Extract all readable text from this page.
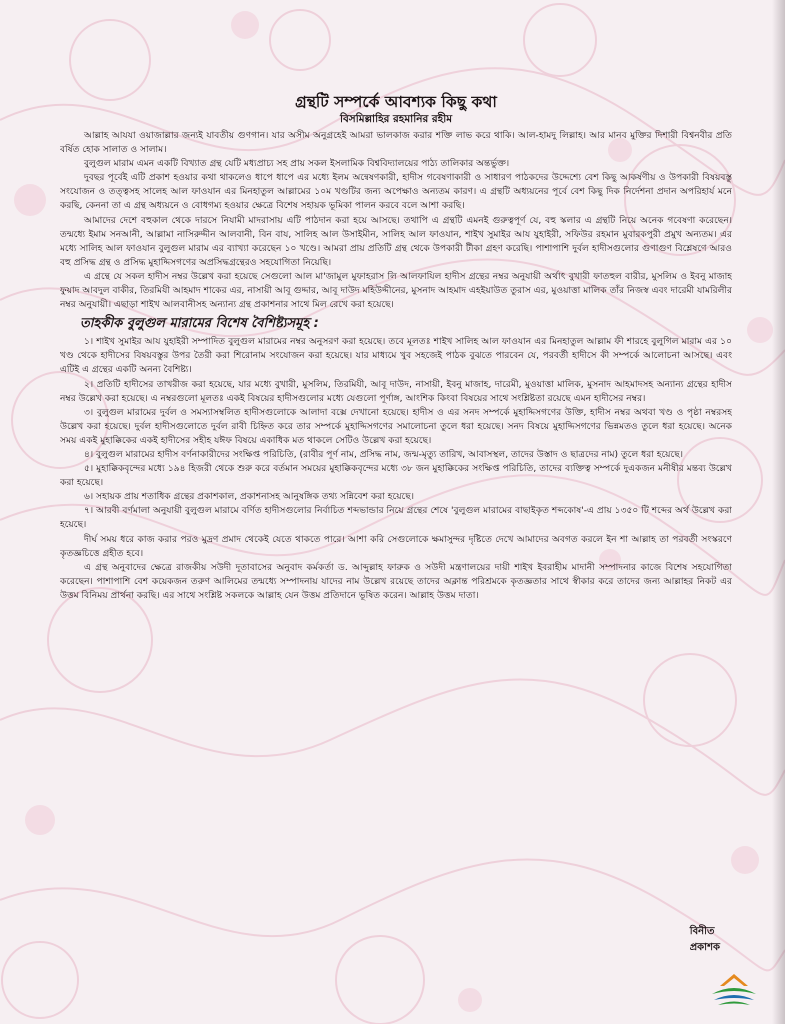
গ্রন্থটি সম্পর্কে আবশ্যক কিছু কথা
বিসমিল্লাহির রহমানির রহীম

আল্লাহ আযযা ওয়াজাল্লার জন্যই যাবতীয় গুণগান। যার অসীম অনুগ্রহেই আমরা ভালকাজ করার শক্তি লাভ করে থাকি। আল-হামদু লিল্লাহ। আর মানব মুক্তির দিশারী বিশ্বনবীর প্রতি বর্ষিত হোক সালাত ও সালাম।

বুলুগুল মারাম এমন একটি বিখ্যাত গ্রন্থ যেটি মধ্যপ্রাচ্য সহ প্রায় সকল ইসলামিক বিশ্ববিদ্যালয়ের পাঠ্য তালিকার অন্তর্ভুক্ত।

দুবছর পূর্বেই এটি প্রকাশ হওয়ার কথা থাকলেও ধাপে ধাপে এর মধ্যে ইলম অন্বেষণকারী, হাদীস গবেষণাকারী ও সাধারণ পাঠকদের উদ্দেশ্যে বেশ কিছু আকর্ষণীয় ও উপকারী বিষয়বস্তু সংযোজন ও তত্ত্বসহ সালেহ আল ফাওযান এর মিনহাতুল আল্লামের ১০ম খণ্ডটির জন্য অপেক্ষাও অন্যতম কারণ। এ গ্রন্থটি অধ্যয়নের পূর্বে বেশ কিছু দিক নির্দেশনা প্রদান অপরিহার্য মনে করছি, কেননা তা এ গ্রন্থ অধ্যয়নে ও বোধগম্য হওয়ার ক্ষেত্রে বিশেষ সহায়ক ভূমিকা পালন করবে বলে আশা করছি।

আমাদের দেশে বহুকাল থেকে দারসে নিযামী মাদরাসায় এটি পাঠদান করা হয়ে আসছে। তথাপি এ গ্রন্থটি এমনই গুরুত্বপূর্ণ যে, বহু স্কলার এ গ্রন্থটি নিয়ে অনেক গবেষণা করেছেন। তন্মধ্যে ইমাম সনআনী, আল্লামা নাসিরুদ্দীন আলবানী, বিন বায, সালিহ আল উসাইমীন, সালিহ আল ফাওযান, শাইখ সুমাইর আয যুহাইরী, সফিউর রহমান মুবারকপুরী প্রমুখ অন্যতম। এর মধ্যে সালিহ আল ফাওযান বুলুগুল মারাম এর ব্যাখ্যা করেছেন ১০ খণ্ডে। আমরা প্রায় প্রতিটি গ্রন্থ থেকে উপকারী টীকা গ্রহণ করেছি। পাশাপাশি দুর্বল হাদীসগুলোর গুণাগুণ বিশ্লেষণে আরও বহু প্রসিদ্ধ গ্রন্থ ও প্রসিদ্ধ মুহাদ্দিসগণের অপ্রসিদ্ধগ্রন্থেরও সহযোগিতা নিয়েছি।

এ গ্রন্থে যে সকল হাদীস নম্বর উল্লেখ করা হয়েছে সেগুলো আল মা'জামুল মুফাহরাস লি আলফাযিল হাদীস গ্রন্থের নম্বর অনুযায়ী অর্থাৎ বুখারী ফাতহুল বারীর, মুসলিম ও ইবনু মাজাহ ফুয়াদ আবদুল বাকীর, তিরমিযী আহমাদ শাকের এর, নাসায়ী আবূ গুদ্দার, আবূ দাউদ মহিউদ্দীনের, মুসনাদ আহমাদ এহইয়াউত তুরাস এর, মুওয়াত্তা মালিক তাঁর নিজস্ব এবং দারেমী যামরিলীর নম্বর অনুযায়ী। এছাড়া শাইখ আলবানীসহ অন্যান্য গ্রন্থ প্রকাশনার সাথে মিল রেখে করা হয়েছে।

তাহকীক বুলুগুল মারামের বিশেষ বৈশিষ্ট্যসমূহ :

১। শাইখ সুমাইর আয যুহাইরী সম্পাদিত বুলুগুল মারামের নম্বর অনুসরণ করা হয়েছে। তবে মূলতঃ শাইখ সালিহ আল ফাওযান এর মিনহাতুল আল্লাম ফী শারহে বুলুগিল মারাম এর ১০ খণ্ড থেকে হাদীসের বিষয়বস্তুর উপর তৈরী করা শিরোনাম সংযোজন করা হয়েছে। যার মাধ্যমে খুব সহজেই পাঠক বুঝতে পারবেন যে, পরবর্তী হাদীসে কী সম্পর্কে আলোচনা আসছে। এবং এটিই এ গ্রন্থের একটি অনন্য বৈশিষ্ট্য।

২। প্রতিটি হাদীসের তাখরীজ করা হয়েছে, যার মধ্যে বুখারী, মুসলিম, তিরমিযী, আবূ দাউদ, নাসায়ী, ইবনু মাজাহ, দারেমী, মুওয়াত্তা মালিক, মুসনাদ আহমাদসহ অন্যান্য গ্রন্থের হাদীস নম্বর উল্লেখ করা হয়েছে। এ নম্বরগুলো মূলতঃ একই বিষয়ের হাদীসগুলোর মধ্যে যেগুলো পূর্ণাঙ্গ, আংশিক কিংবা বিষয়ের সাথে সংশ্লিষ্টতা রয়েছে এমন হাদীসের নম্বর।

৩। বুলুগুল মারামের দুর্বল ও সমস্যাসম্বলিত হাদীসগুলোকে আলাদা বক্সে দেখানো হয়েছে। হাদীস ও এর সনদ সম্পর্কে মুহাদ্দিসগণের উক্তি, হাদীস নম্বর অথবা খণ্ড ও পৃষ্ঠা নম্বরসহ উল্লেখ করা হয়েছে। দুর্বল হাদীসগুলোতে দুর্বল রাবী চিহ্নিত করে তার সম্পর্কে মুহাদ্দিসগণের সমালোচনা তুলে ধরা হয়েছে। সনদ বিষয়ে মুহাদ্দিসগণের ভিন্নমতও তুলে ধরা হয়েছে। অনেক সময় একই মুহাক্কিকের একই হাদীসের সহীহ যঈফ বিষয়ে একাধিক মত থাকলে সেটিও উল্লেখ করা হয়েছে।

৪। বুলুগুল মারামের হাদীস বর্ণনাকারীদের সংক্ষিপ্ত পরিচিতি, (রাবীর পূর্ণ নাম, প্রসিদ্ধ নাম, জন্ম-মৃত্যু তারিখ, আবাসস্থল, তাদের উস্তাদ ও ছাত্রদের নাম) তুলে ধরা হয়েছে।

৫। মুহাক্কিকবৃন্দের মধ্যে ১৯৪ হিজরী থেকে শুরু করে বর্তমান সময়ের মুহাক্কিকবৃন্দের মধ্যে ৩৮ জন মুহাক্কিকের সংক্ষিপ্ত পরিচিতি, তাদের ব্যক্তিত্ব সম্পর্কে দুএকজন মনীষীর মন্তব্য উল্লেখ করা হয়েছে।

৬। সহায়ক প্রায় শতাধিক গ্রন্থের প্রকাশকাল, প্রকাশনাসহ আনুষঙ্গিক তথ্য সন্নিবেশ করা হয়েছে।

৭। আরবী বর্ণমালা অনুযায়ী বুলুগুল মারামে বর্ণিত হাদীসগুলোর নির্বাচিত শব্দভান্ডার নিয়ে গ্রন্থের শেষে 'বুলুগুল মারামের বাছাইকৃত শব্দকোষ'-এ প্রায় ১৩৫০ টি শব্দের অর্থ উল্লেখ করা হয়েছে।

দীর্ঘ সময় ধরে কাজ করার পরও মুদ্রণ প্রমাদ থেকেই যেতে থাকতে পারে। আশা করি সেগুলোকে ক্ষমাসুন্দর দৃষ্টিতে দেখে আমাদের অবগত করলে ইন শা আল্লাহ তা পরবর্তী সংস্করণে কৃতজ্ঞচিত্তে গ্রহীত হবে।

এ গ্রন্থ অনুবাদের ক্ষেত্রে রাজকীয় সউদী দূতাবাসের অনুবাদ কর্মকর্তা ড. আব্দুল্লাহ ফারুক ও সউদী মন্ত্রণালয়ের দায়ী শাইখ ইবরাহীম মাদানী সম্পাদনার কাজে বিশেষ সহযোগিতা করেছেন। পাশাপাশি বেশ কয়েকজন তরুণ আলিমের তন্মধ্যে সম্পাদনায় যাদের নাম উল্লেখ রয়েছে তাদের অক্লান্ত পরিশ্রমকে কৃতজ্ঞতার সাথে স্বীকার করে তাদের জন্য আল্লাহর নিকট এর উত্তম বিনিময় প্রার্থনা করছি। এর সাথে সংশ্লিষ্ট সকলকে আল্লাহ যেন উত্তম প্রতিদানে ভূষিত করেন। আল্লাহ উত্তম দাতা।

বিনীত
প্রকাশক
